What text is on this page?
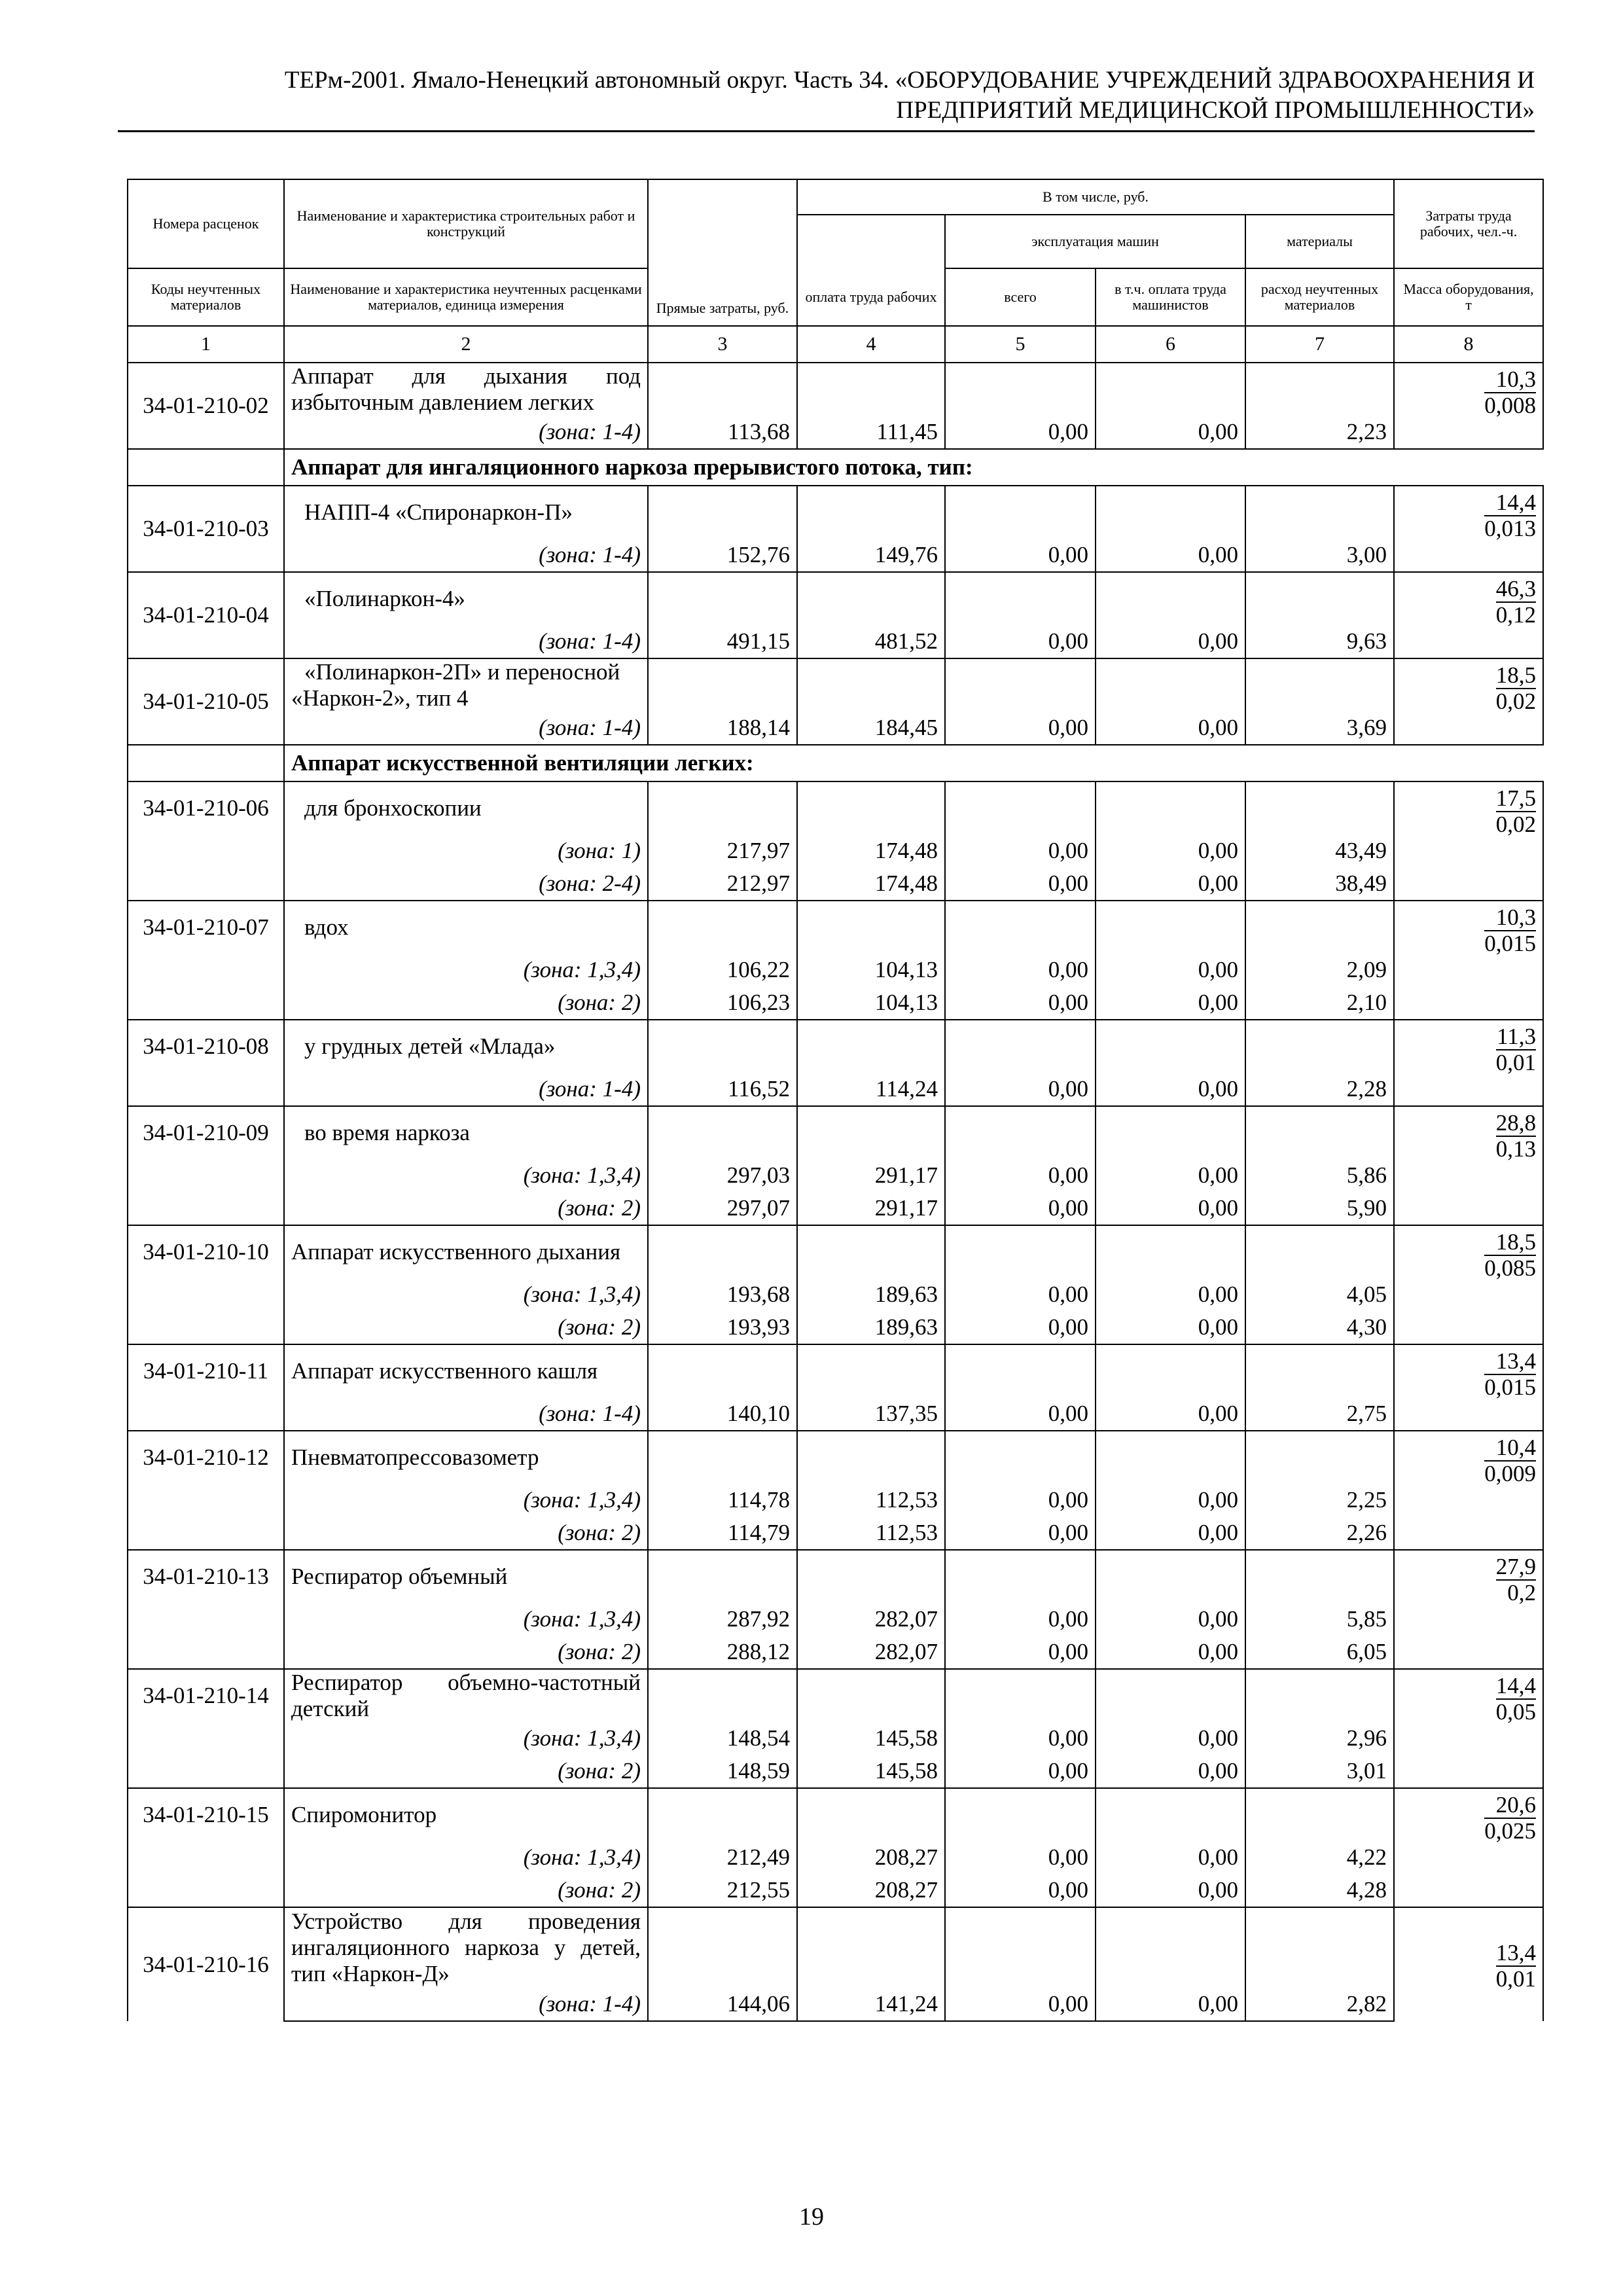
ТЕРм-2001. Ямало-Ненецкий автономный округ. Часть 34. «ОБОРУДОВАНИЕ УЧРЕЖДЕНИЙ ЗДРАВООХРАНЕНИЯ И
ПРЕДПРИЯТИЙ МЕДИЦИНСКОЙ ПРОМЫШЛЕННОСТИ»
Номера расценок	Наименование и характеристика строительных работ и конструкций	Прямые затраты, руб.	В том числе, руб.				Затраты труда рабочих, чел.-ч.
				эксплуатация машин		материалы	
Коды неучтенных материалов	Наименование и характеристика неучтенных расценками материалов, единица измерения		оплата труда рабочих	всего	в т.ч. оплата труда машинистов	расход неучтенных материалов	Масса оборудования, т
1	2	3	4	5	6	7	8
34-01-210-02	Аппарат для дыхания под избыточным давлением легких						$\frac{10,3}{0,008}$

	(зона: 1-4)	113,68	111,45	0,00	0,00	2,23	
	Аппарат для ингаляционного наркоза прерывистого потока, тип:						
34-01-210-03	НАПП-4 «Спиронаркон-П»						$\frac{14,4}{0,013}$

	(зона: 1-4)	152,76	149,76	0,00	0,00	3,00	
34-01-210-04	«Полинаркон-4»						$\frac{46,3}{0,12}$

	(зона: 1-4)	491,15	481,52	0,00	0,00	9,63	
34-01-210-05	«Полинаркон-2П» и переносной «Наркон-2», тип 4						$\frac{18,5}{0,02}$

	(зона: 1-4)	188,14	184,45	0,00	0,00	3,69	
	Аппарат искусственной вентиляции легких:						
34-01-210-06	для бронхоскопии						$\frac{17,5}{0,02}$

	(зона: 1)	217,97	174,48	0,00	0,00	43,49	
	(зона: 2-4)	212,97	174,48	0,00	0,00	38,49	
34-01-210-07	вдох						$\frac{10,3}{0,015}$

	(зона: 1,3,4)	106,22	104,13	0,00	0,00	2,09	
	(зона: 2)	106,23	104,13	0,00	0,00	2,10	
34-01-210-08	у грудных детей «Млада»						$\frac{11,3}{0,01}$

	(зона: 1-4)	116,52	114,24	0,00	0,00	2,28	
34-01-210-09	во время наркоза						$\frac{28,8}{0,13}$

	(зона: 1,3,4)	297,03	291,17	0,00	0,00	5,86	
	(зона: 2)	297,07	291,17	0,00	0,00	5,90	
34-01-210-10	Аппарат искусственного дыхания						$\frac{18,5}{0,085}$

	(зона: 1,3,4)	193,68	189,63	0,00	0,00	4,05	
	(зона: 2)	193,93	189,63	0,00	0,00	4,30	
34-01-210-11	Аппарат искусственного кашля						$\frac{13,4}{0,015}$

	(зона: 1-4)	140,10	137,35	0,00	0,00	2,75	
34-01-210-12	Пневматопрессовазометр						$\frac{10,4}{0,009}$

	(зона: 1,3,4)	114,78	112,53	0,00	0,00	2,25	
	(зона: 2)	114,79	112,53	0,00	0,00	2,26	
34-01-210-13	Респиратор объемный						$\frac{27,9}{0,2}$

	(зона: 1,3,4)	287,92	282,07	0,00	0,00	5,85	
	(зона: 2)	288,12	282,07	0,00	0,00	6,05	
34-01-210-14	Респиратор объемно-частотный детский						$\frac{14,4}{0,05}$

	(зона: 1,3,4)	148,54	145,58	0,00	0,00	2,96	
	(зона: 2)	148,59	145,58	0,00	0,00	3,01	
34-01-210-15	Спиромонитор						$\frac{20,6}{0,025}$

	(зона: 1,3,4)	212,49	208,27	0,00	0,00	4,22	
	(зона: 2)	212,55	208,27	0,00	0,00	4,28	
34-01-210-16	Устройство для проведения ингаляционного наркоза у детей, тип «Наркон-Д»						$\frac{13,4}{0,01}$

	(зона: 1-4)	144,06	141,24	0,00	0,00	2,82	
19
